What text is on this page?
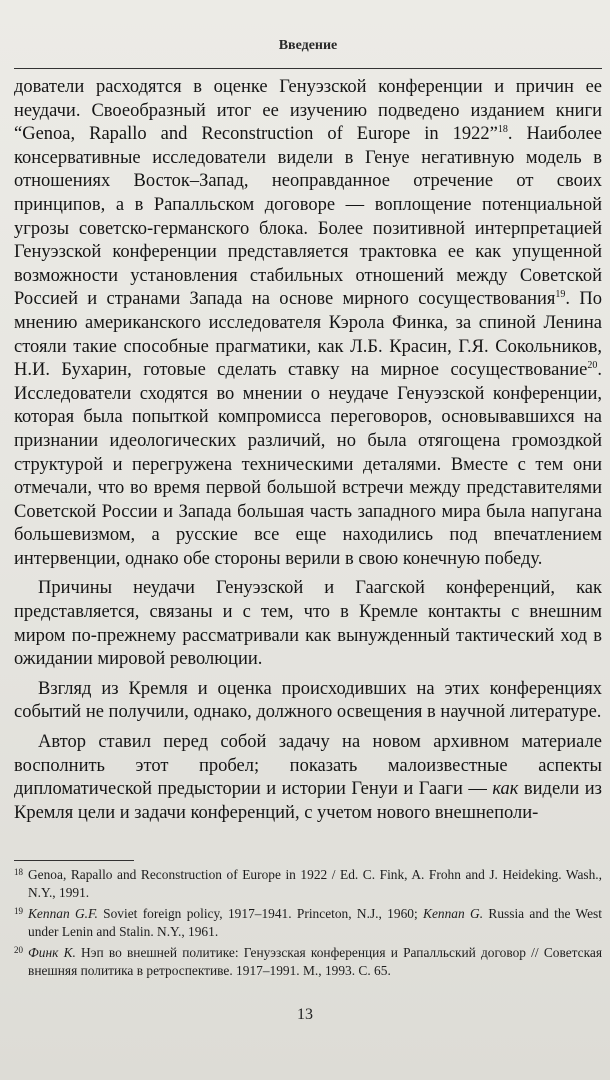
Введение

дователи расходятся в оценке Генуэзской конференции и причин ее неудачи. Своеобразный итог ее изучению подведено изданием книги “Genoa, Rapallo and Reconstruction of Europe in 1922”$^{18}$. Наиболее консервативные исследователи видели в Генуе негативную модель в отношениях Восток–Запад, неоправданное отречение от своих принципов, а в Рапалльском договоре — воплощение потенциальной угрозы советско-германского блока. Более позитивной интерпретацией Генуэзской конференции представляется трактовка ее как упущенной возможности установления стабильных отношений между Советской Россией и странами Запада на основе мирного сосуществования$^{19}$. По мнению американского исследователя Кэрола Финка, за спиной Ленина стояли такие способные прагматики, как Л.Б. Красин, Г.Я. Сокольников, Н.И. Бухарин, готовые сделать ставку на мирное сосуществование$^{20}$. Исследователи сходятся во мнении о неудаче Генуэзской конференции, которая была попыткой компромисса переговоров, основывавшихся на признании идеологических различий, но была отягощена громоздкой структурой и перегружена техническими деталями. Вместе с тем они отмечали, что во время первой большой встречи между представителями Советской России и Запада большая часть западного мира была напугана большевизмом, а русские все еще находились под впечатлением интервенции, однако обе стороны верили в свою конечную победу.

Причины неудачи Генуэзской и Гаагской конференций, как представляется, связаны и с тем, что в Кремле контакты с внешним миром по-прежнему рассматривали как вынужденный тактический ход в ожидании мировой революции.

Взгляд из Кремля и оценка происходивших на этих конференциях событий не получили, однако, должного освещения в научной литературе.

Автор ставил перед собой задачу на новом архивном материале восполнить этот пробел; показать малоизвестные аспекты дипломатической предыстории и истории Генуи и Гааги — как видели из Кремля цели и задачи конференций, с учетом нового внешнеполи-

18 Genoa, Rapallo and Reconstruction of Europe in 1922 / Ed. C. Fink, A. Frohn and J. Heideking. Wash., N.Y., 1991.
19 Kennan G.F. Soviet foreign policy, 1917–1941. Princeton, N.J., 1960; Kennan G. Russia and the West under Lenin and Stalin. N.Y., 1961.
20 Финк К. Нэп во внешней политике: Генуэзская конференция и Рапалльский договор // Советская внешняя политика в ретроспективе. 1917–1991. М., 1993. С. 65.
13
